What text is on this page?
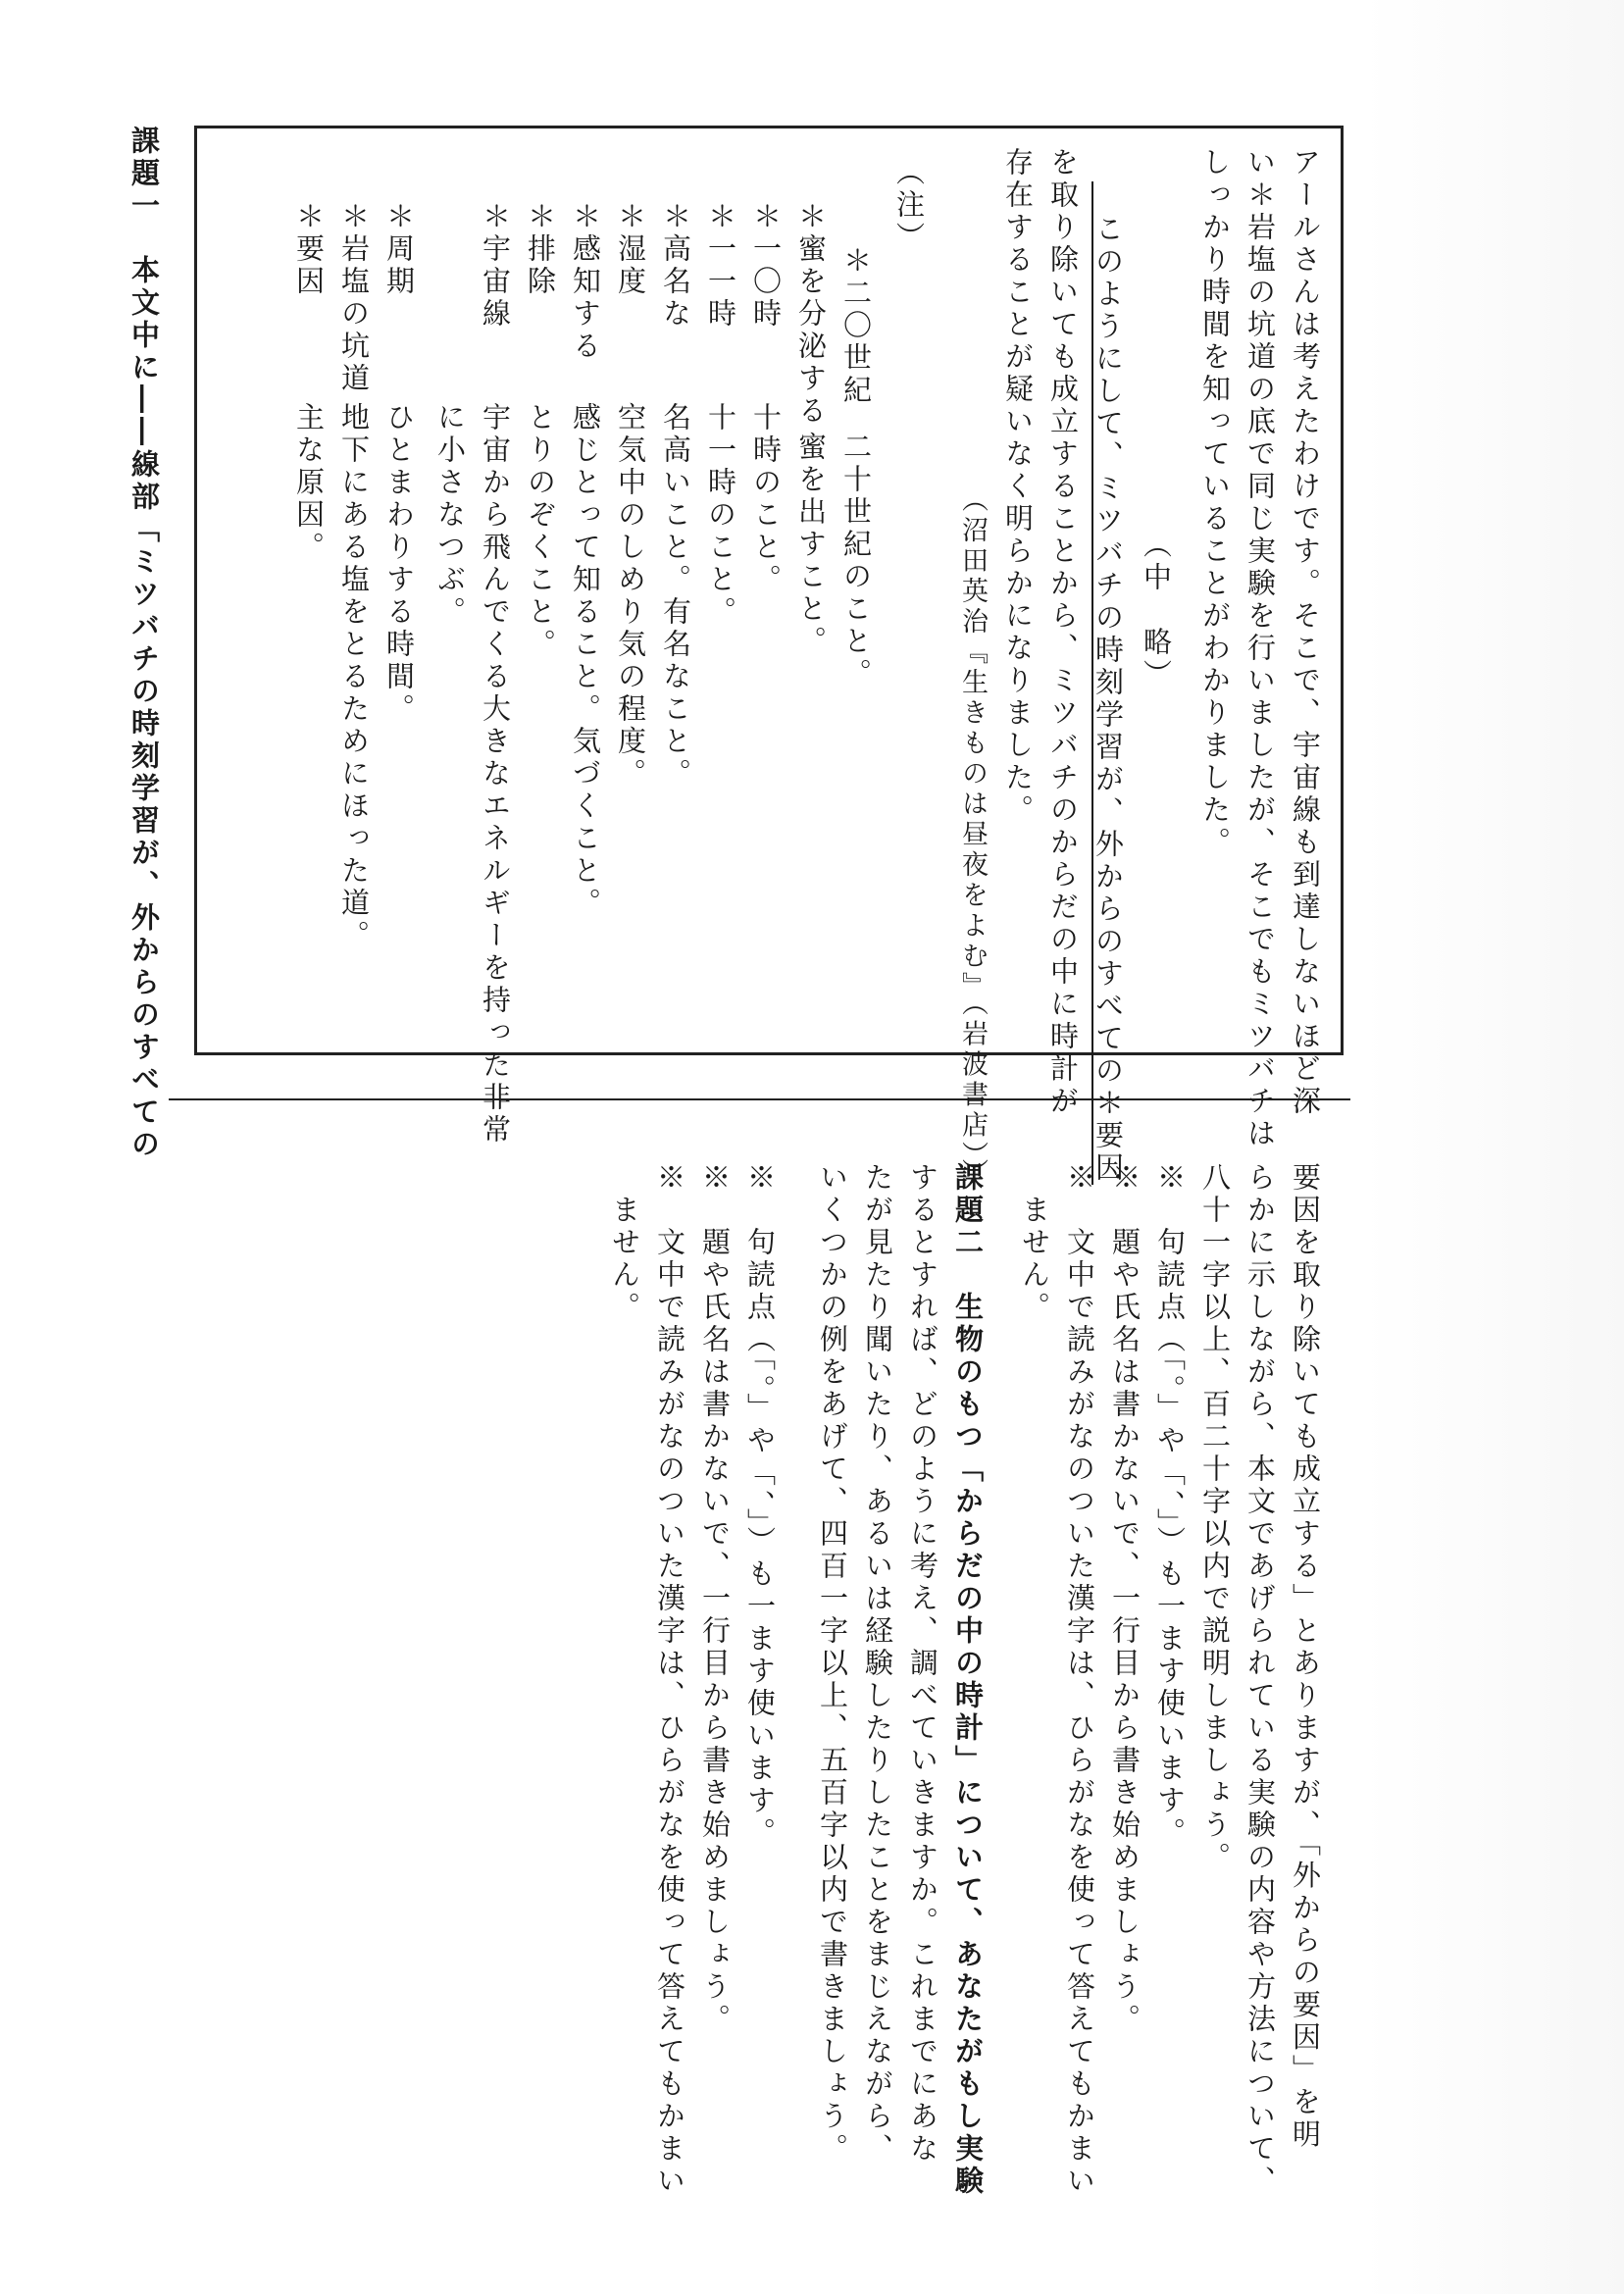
アールさんは考えたわけです。そこで、宇宙線も到達しないほど深
い＊岩塩の坑道の底で同じ実験を行いましたが、そこでもミツバチは
しっかり時間を知っていることがわかりました。
（中　略）
　このようにして、ミツバチの時刻学習が、外からのすべての＊要因
を取り除いても成立することから、ミツバチのからだの中に時計が
存在することが疑いなく明らかになりました。
（沼田英治『生きものは昼夜をよむ』（岩波書店））
（注）
＊二〇世紀
二十世紀のこと。
＊蜜を分泌する
蜜を出すこと。
＊一〇時
十時のこと。
＊一一時
十一時のこと。
＊高名な
名高いこと。有名なこと。
＊湿度
空気中のしめり気の程度。
＊感知する
感じとって知ること。気づくこと。
＊排除
とりのぞくこと。
＊宇宙線
宇宙から飛んでくる大きなエネルギーを持った非常
に小さなつぶ。
＊周期
ひとまわりする時間。
＊岩塩の坑道
地下にある塩をとるためにほった道。
＊要因
主な原因。
課題一　本文中に――線部「ミツバチの時刻学習が、外からのすべての
要因を取り除いても成立する」とありますが、「外からの要因」を明
らかに示しながら、本文であげられている実験の内容や方法について、
八十一字以上、百二十字以内で説明しましょう。
※　句読点（「。」や「、」）も一ます使います。
※　題や氏名は書かないで、一行目から書き始めましょう。
※　文中で読みがなのついた漢字は、ひらがなを使って答えてもかまい
　ません。
課題二　生物のもつ「からだの中の時計」について、あなたがもし実験
するとすれば、どのように考え、調べていきますか。これまでにあな
たが見たり聞いたり、あるいは経験したりしたことをまじえながら、
いくつかの例をあげて、四百一字以上、五百字以内で書きましょう。
※　句読点（「。」や「、」）も一ます使います。
※　題や氏名は書かないで、一行目から書き始めましょう。
※　文中で読みがなのついた漢字は、ひらがなを使って答えてもかまい
　ません。
